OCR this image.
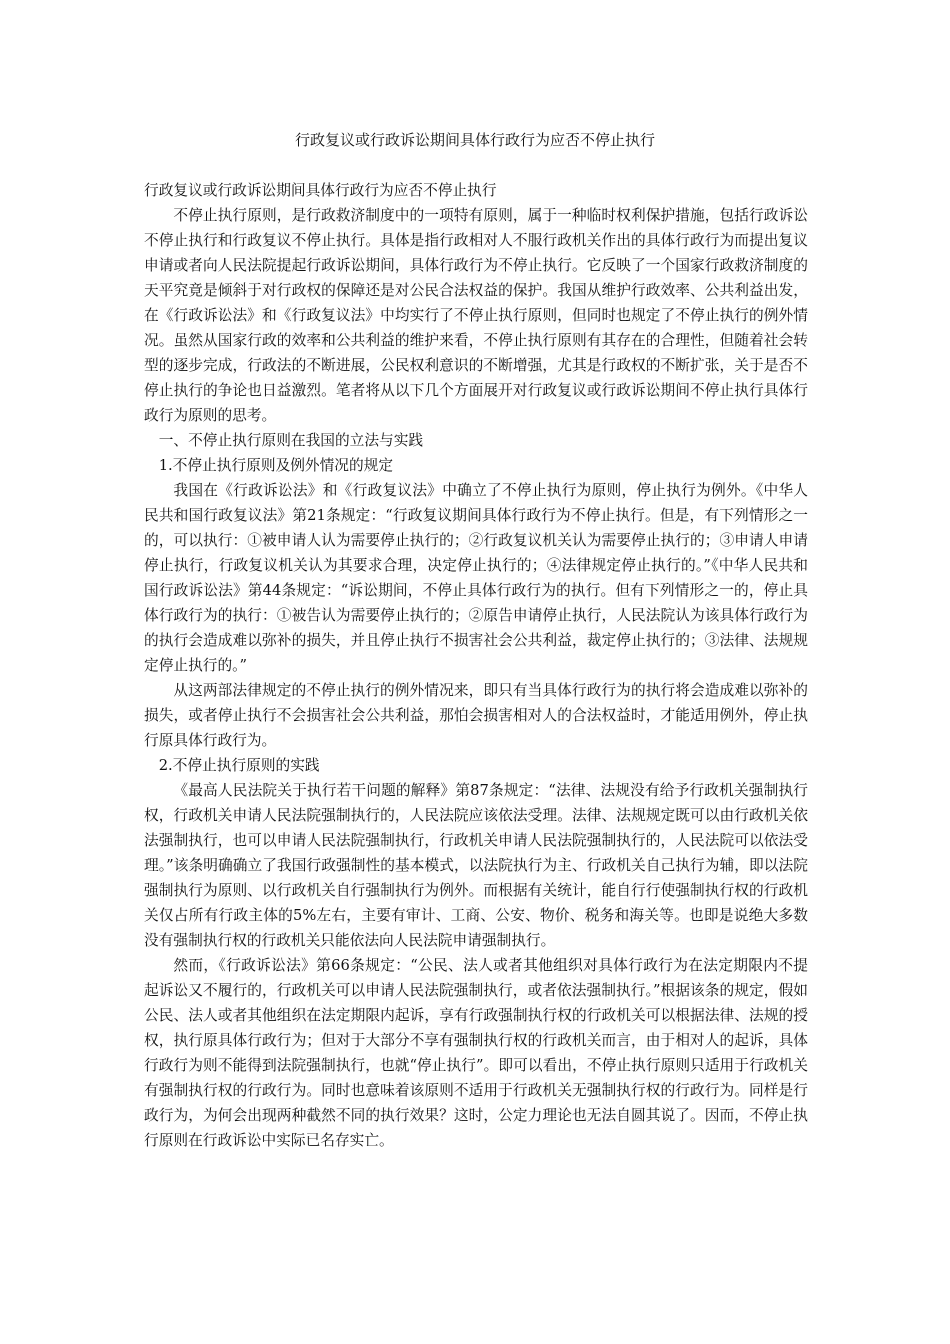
行政复议或行政诉讼期间具体行政行为应否不停止执行

行政复议或行政诉讼期间具体行政行为应否不停止执行

不停止执行原则，是行政救济制度中的一项特有原则，属于一种临时权利保护措施，包括行政诉讼不停止执行和行政复议不停止执行。具体是指行政相对人不服行政机关作出的具体行政行为而提出复议申请或者向人民法院提起行政诉讼期间，具体行政行为不停止执行。它反映了一个国家行政救济制度的天平究竟是倾斜于对行政权的保障还是对公民合法权益的保护。我国从维护行政效率、公共利益出发，在《行政诉讼法》和《行政复议法》中均实行了不停止执行原则，但同时也规定了不停止执行的例外情况。虽然从国家行政的效率和公共利益的维护来看，不停止执行原则有其存在的合理性，但随着社会转型的逐步完成，行政法的不断进展，公民权利意识的不断增强，尤其是行政权的不断扩张，关于是否不停止执行的争论也日益激烈。笔者将从以下几个方面展开对行政复议或行政诉讼期间不停止执行具体行政行为原则的思考。

一、不停止执行原则在我国的立法与实践

1.不停止执行原则及例外情况的规定

我国在《行政诉讼法》和《行政复议法》中确立了不停止执行为原则，停止执行为例外。《中华人民共和国行政复议法》第21条规定：“行政复议期间具体行政行为不停止执行。但是，有下列情形之一的，可以执行：①被申请人认为需要停止执行的；②行政复议机关认为需要停止执行的；③申请人申请停止执行，行政复议机关认为其要求合理，决定停止执行的；④法律规定停止执行的。”《中华人民共和国行政诉讼法》第44条规定：“诉讼期间，不停止具体行政行为的执行。但有下列情形之一的，停止具体行政行为的执行：①被告认为需要停止执行的；②原告申请停止执行，人民法院认为该具体行政行为的执行会造成难以弥补的损失，并且停止执行不损害社会公共利益，裁定停止执行的；③法律、法规规定停止执行的。”

从这两部法律规定的不停止执行的例外情况来，即只有当具体行政行为的执行将会造成难以弥补的损失，或者停止执行不会损害社会公共利益，那怕会损害相对人的合法权益时，才能适用例外，停止执行原具体行政行为。

2.不停止执行原则的实践

《最高人民法院关于执行若干问题的解释》第87条规定：“法律、法规没有给予行政机关强制执行权，行政机关申请人民法院强制执行的，人民法院应该依法受理。法律、法规规定既可以由行政机关依法强制执行，也可以申请人民法院强制执行，行政机关申请人民法院强制执行的，人民法院可以依法受理。”该条明确确立了我国行政强制性的基本模式，以法院执行为主、行政机关自己执行为辅，即以法院强制执行为原则、以行政机关自行强制执行为例外。而根据有关统计，能自行行使强制执行权的行政机关仅占所有行政主体的5%左右，主要有审计、工商、公安、物价、税务和海关等。也即是说绝大多数没有强制执行权的行政机关只能依法向人民法院申请强制执行。

然而，《行政诉讼法》第66条规定：“公民、法人或者其他组织对具体行政行为在法定期限内不提起诉讼又不履行的，行政机关可以申请人民法院强制执行，或者依法强制执行。”根据该条的规定，假如公民、法人或者其他组织在法定期限内起诉，享有行政强制执行权的行政机关可以根据法律、法规的授权，执行原具体行政行为；但对于大部分不享有强制执行权的行政机关而言，由于相对人的起诉，具体行政行为则不能得到法院强制执行，也就“停止执行”。即可以看出，不停止执行原则只适用于行政机关有强制执行权的行政行为。同时也意味着该原则不适用于行政机关无强制执行权的行政行为。同样是行政行为，为何会出现两种截然不同的执行效果？这时，公定力理论也无法自圆其说了。因而，不停止执行原则在行政诉讼中实际已名存实亡。
